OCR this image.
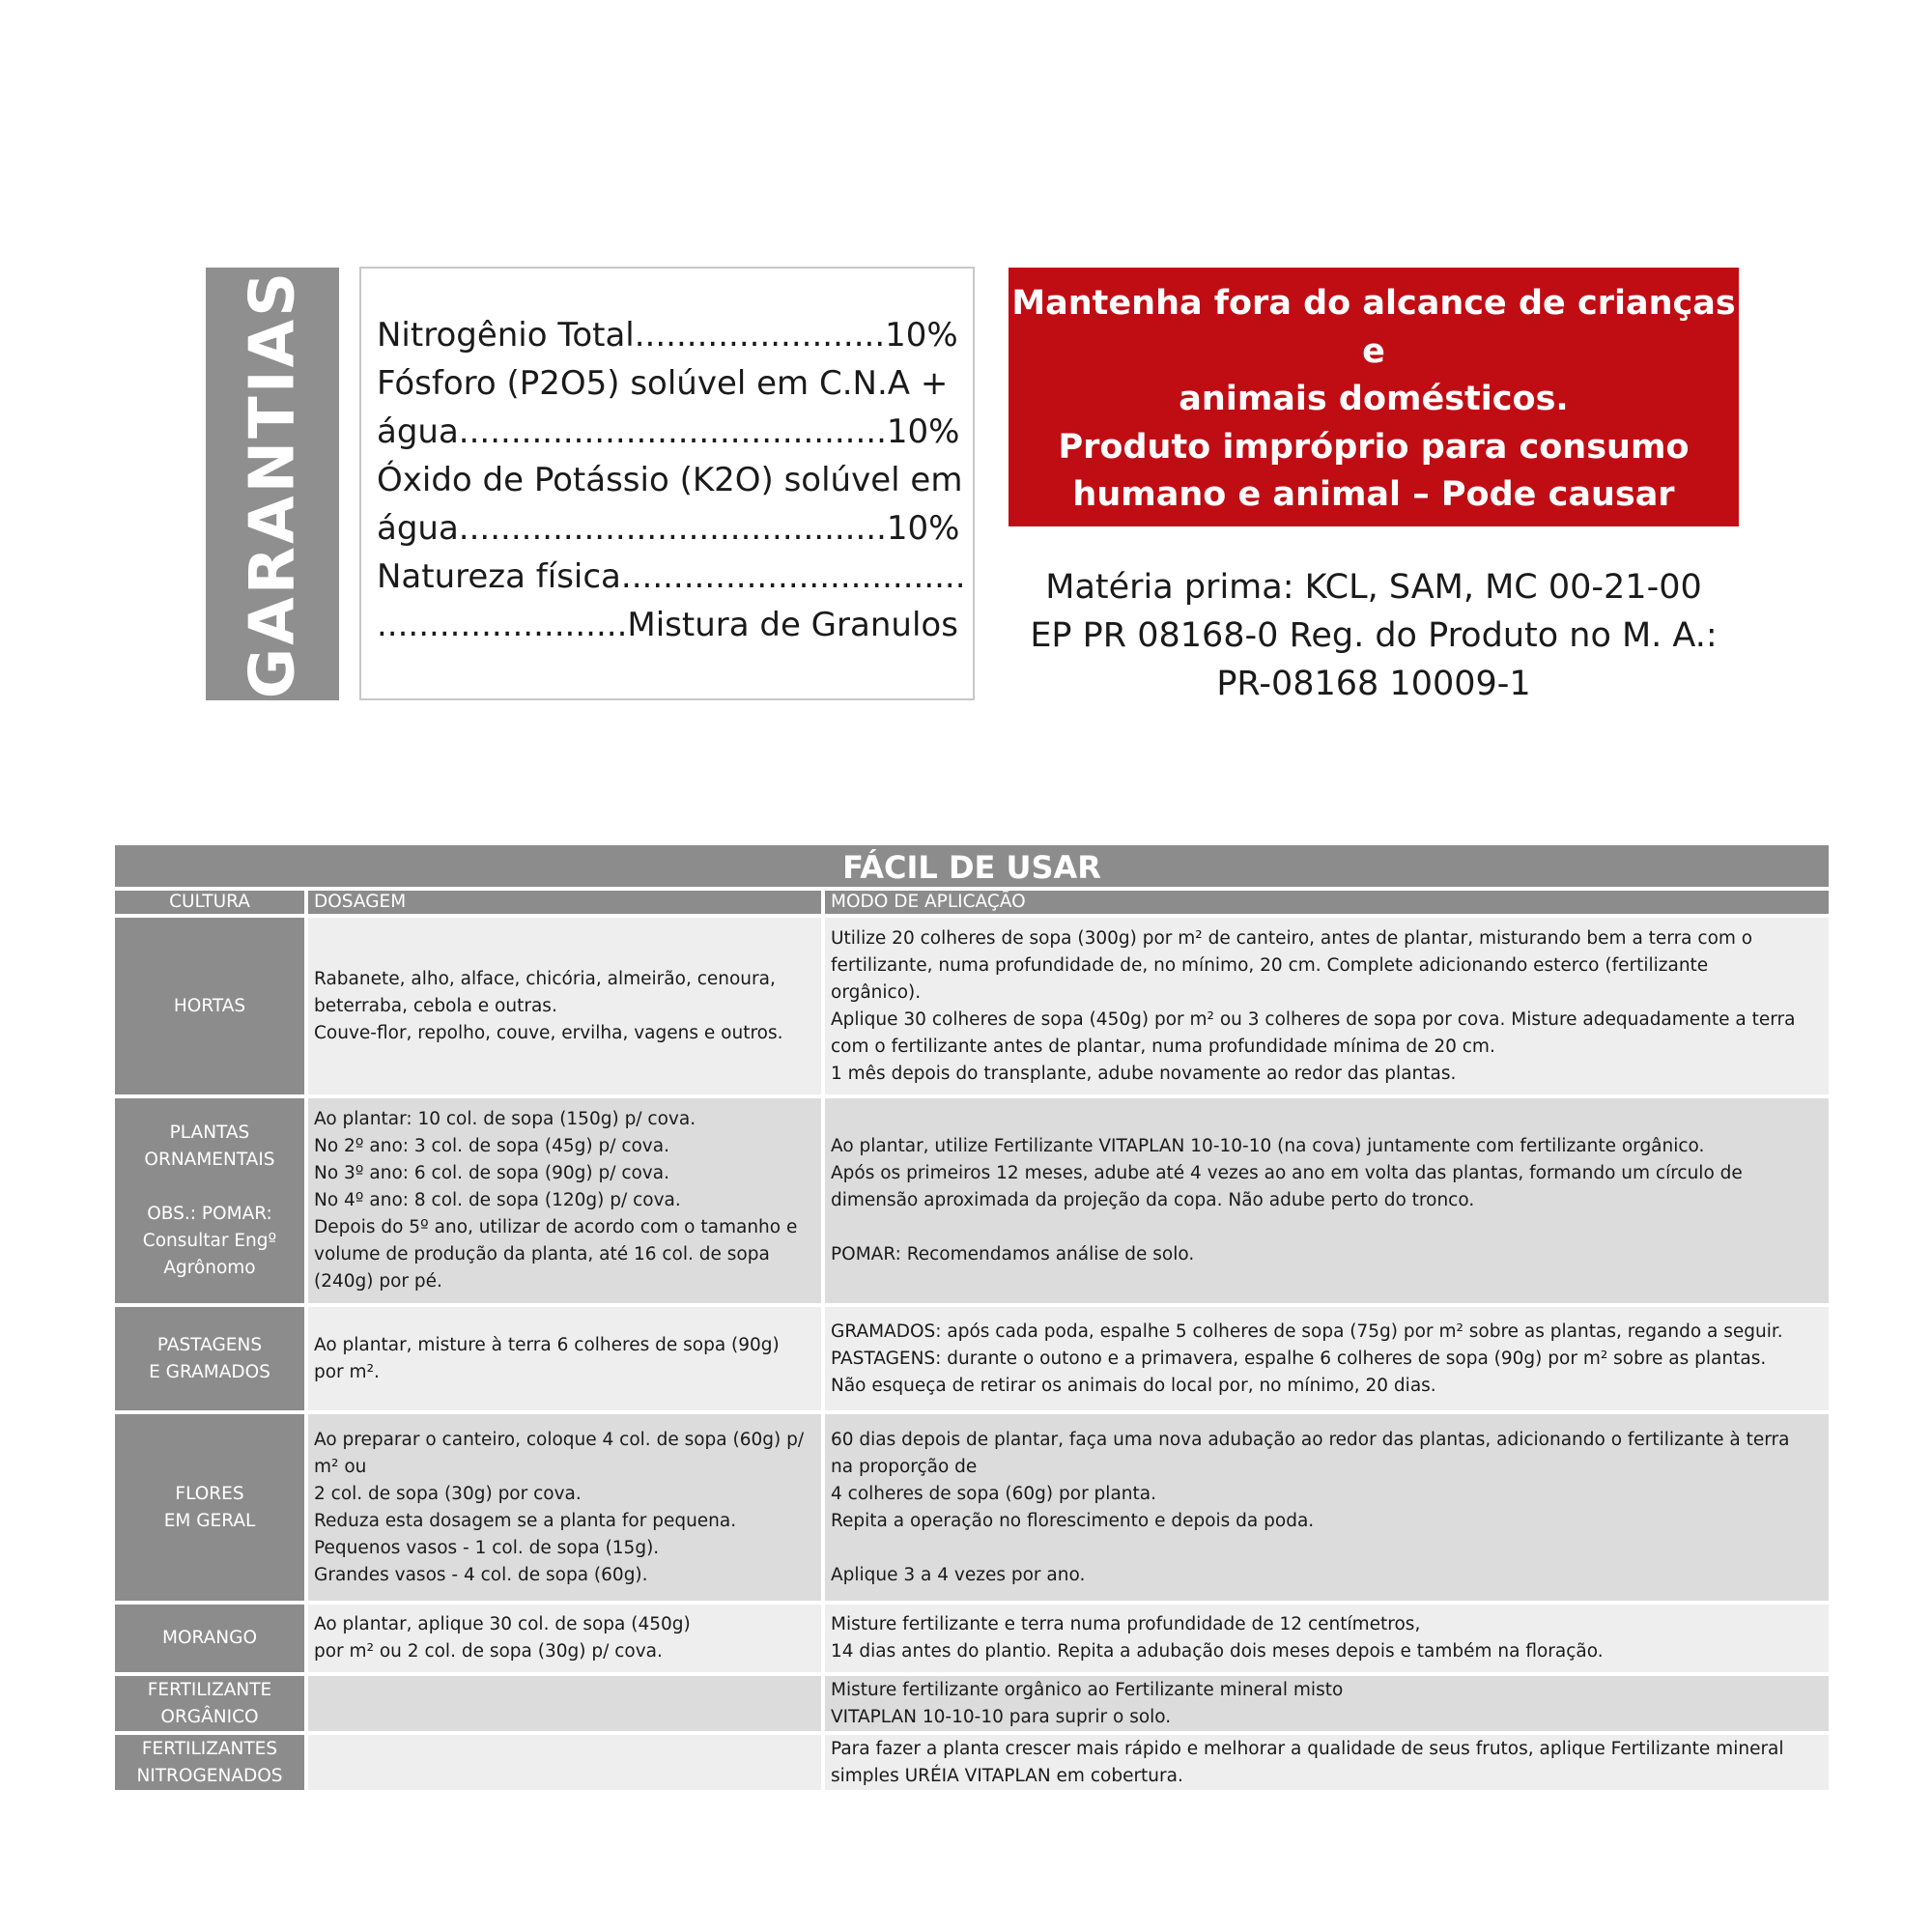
GARANTIAS Nitrogênio Total........................10%
Fósforo (P2O5) solúvel em C.N.A +
água.........................................10%
Óxido de Potássio (K2O) solúvel em
água.........................................10%
Natureza física.................................
........................Mistura de Granulos
Mantenha fora do alcance de crianças e
animais domésticos.
Produto impróprio para consumo
humano e animal – Pode causar
intoxicação
Matéria prima: KCL, SAM, MC 00-21-00
EP PR 08168-0 Reg. do Produto no M. A.:
PR-08168 10009-1
FÁCIL DE USAR
CULTURA	DOSAGEM	MODO DE APLICAÇÃO
HORTAS
Rabanete, alho, alface, chicória, almeirão, cenoura,
beterraba, cebola e outras.
Couve-flor, repolho, couve, ervilha, vagens e outros.
Utilize 20 colheres de sopa (300g) por m² de canteiro, antes de plantar, misturando bem a terra com o
fertilizante, numa profundidade de, no mínimo, 20 cm. Complete adicionando esterco (fertilizante
orgânico).
Aplique 30 colheres de sopa (450g) por m² ou 3 colheres de sopa por cova. Misture adequadamente a terra
com o fertilizante antes de plantar, numa profundidade mínima de 20 cm.
1 mês depois do transplante, adube novamente ao redor das plantas.
PLANTAS
ORNAMENTAIS

OBS.: POMAR:
Consultar Engº
Agrônomo
Ao plantar: 10 col. de sopa (150g) p/ cova.
No 2º ano: 3 col. de sopa (45g) p/ cova.
No 3º ano: 6 col. de sopa (90g) p/ cova.
No 4º ano: 8 col. de sopa (120g) p/ cova.
Depois do 5º ano, utilizar de acordo com o tamanho e
volume de produção da planta, até 16 col. de sopa
(240g) por pé.
Ao plantar, utilize Fertilizante VITAPLAN 10-10-10 (na cova) juntamente com fertilizante orgânico.
Após os primeiros 12 meses, adube até 4 vezes ao ano em volta das plantas, formando um círculo de
dimensão aproximada da projeção da copa. Não adube perto do tronco.

POMAR: Recomendamos análise de solo.
PASTAGENS
E GRAMADOS
Ao plantar, misture à terra 6 colheres de sopa (90g)
por m².
GRAMADOS: após cada poda, espalhe 5 colheres de sopa (75g) por m² sobre as plantas, regando a seguir.
PASTAGENS: durante o outono e a primavera, espalhe 6 colheres de sopa (90g) por m² sobre as plantas.
Não esqueça de retirar os animais do local por, no mínimo, 20 dias.
FLORES
EM GERAL
Ao preparar o canteiro, coloque 4 col. de sopa (60g) p/
m² ou
2 col. de sopa (30g) por cova.
Reduza esta dosagem se a planta for pequena.
Pequenos vasos - 1 col. de sopa (15g).
Grandes vasos - 4 col. de sopa (60g).
60 dias depois de plantar, faça uma nova adubação ao redor das plantas, adicionando o fertilizante à terra
na proporção de
4 colheres de sopa (60g) por planta.
Repita a operação no florescimento e depois da poda.

Aplique 3 a 4 vezes por ano.
MORANGO
Ao plantar, aplique 30 col. de sopa (450g)
por m² ou 2 col. de sopa (30g) p/ cova.
Misture fertilizante e terra numa profundidade de 12 centímetros,
14 dias antes do plantio. Repita a adubação dois meses depois e também na floração.
FERTILIZANTE
ORGÂNICO
Misture fertilizante orgânico ao Fertilizante mineral misto
VITAPLAN 10-10-10 para suprir o solo.
FERTILIZANTES
NITROGENADOS
Para fazer a planta crescer mais rápido e melhorar a qualidade de seus frutos, aplique Fertilizante mineral
simples URÉIA VITAPLAN em cobertura.
